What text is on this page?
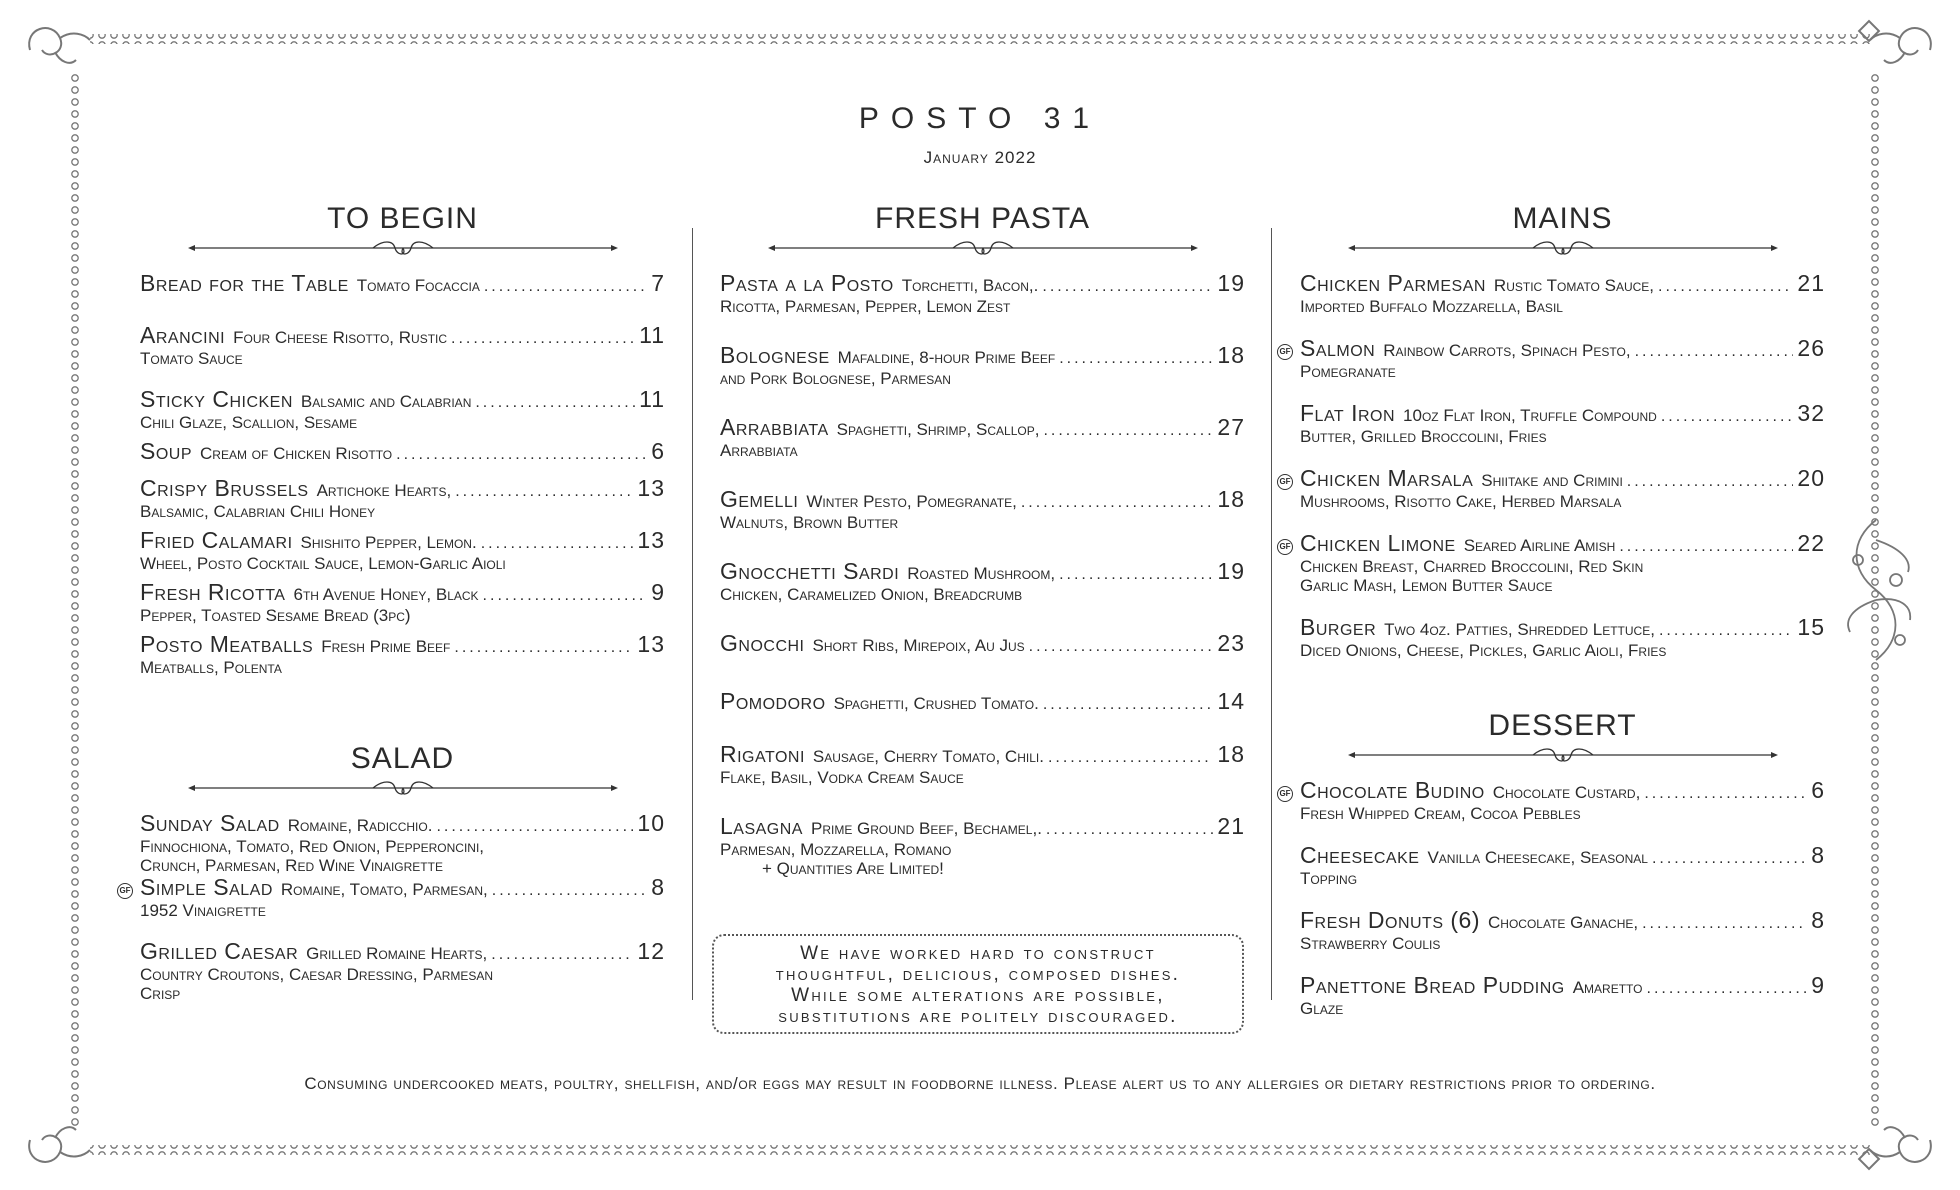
POSTO 31
January 2022
TO BEGIN
Bread for the Table Tomato Focaccia .....	7
Arancini Four Cheese Risotto, Rustic .....	11
Tomato Sauce
Sticky Chicken Balsamic and Calabrian .....	11
Chili Glaze, Scallion, Sesame
Soup Cream of Chicken Risotto .....	6
Crispy Brussels Artichoke Hearts, .....	13
Balsamic, Calabrian Chili Honey
Fried Calamari Shishito Pepper, Lemon. .....	13
Wheel, Posto Cocktail Sauce, Lemon-Garlic Aioli
Fresh Ricotta 6th Avenue Honey, Black .....	9
Pepper, Toasted Sesame Bread (3pc)
Posto Meatballs Fresh Prime Beef .....	13
Meatballs, Polenta
SALAD
Sunday Salad Romaine, Radicchio. .....	10
Finnochiona, Tomato, Red Onion, Pepperoncini,
Crunch, Parmesan, Red Wine Vinaigrette
GF Simple Salad Romaine, Tomato, Parmesan, .....	8
1952 Vinaigrette
Grilled Caesar Grilled Romaine Hearts, .....	12
Country Croutons, Caesar Dressing, Parmesan
Crisp
FRESH PASTA
Pasta a la Posto Torchetti, Bacon,. .....	19
Ricotta, Parmesan, Pepper, Lemon Zest
Bolognese Mafaldine, 8-hour Prime Beef .....	18
and Pork Bolognese, Parmesan
Arrabbiata Spaghetti, Shrimp, Scallop, .....	27
Arrabbiata
Gemelli Winter Pesto, Pomegranate, .....	18
Walnuts, Brown Butter
Gnocchetti Sardi Roasted Mushroom, .....	19
Chicken, Caramelized Onion, Breadcrumb
Gnocchi Short Ribs, Mirepoix, Au Jus .....	23
Pomodoro Spaghetti, Crushed Tomato. .....	14
Rigatoni Sausage, Cherry Tomato, Chili. .....	18
Flake, Basil, Vodka Cream Sauce
Lasagna Prime Ground Beef, Bechamel,. .....	21
Parmesan, Mozzarella, Romano
+ Quantities Are Limited!
MAINS
Chicken Parmesan Rustic Tomato Sauce, .....	21
Imported Buffalo Mozzarella, Basil
GF Salmon Rainbow Carrots, Spinach Pesto, .....	26
Pomegranate
Flat Iron 10oz Flat Iron, Truffle Compound .....	32
Butter, Grilled Broccolini, Fries
GF Chicken Marsala Shiitake and Crimini .....	20
Mushrooms, Risotto Cake, Herbed Marsala
GF Chicken Limone Seared Airline Amish .....	22
Chicken Breast, Charred Broccolini, Red Skin
Garlic Mash, Lemon Butter Sauce
Burger Two 4oz. Patties, Shredded Lettuce, .....	15
Diced Onions, Cheese, Pickles, Garlic Aioli, Fries
DESSERT
GF Chocolate Budino Chocolate Custard, .....	6
Fresh Whipped Cream, Cocoa Pebbles
Cheesecake Vanilla Cheesecake, Seasonal .....	8
Topping
Fresh Donuts (6) Chocolate Ganache, .....	8
Strawberry Coulis
Panettone Bread Pudding Amaretto .....	9
Glaze
We have worked hard to construct
thoughtful, delicious, composed dishes.
While some alterations are possible,
substitutions are politely discouraged.
Consuming undercooked meats, poultry, shellfish, and/or eggs may result in foodborne illness. Please alert us to any allergies or dietary restrictions prior to ordering.
